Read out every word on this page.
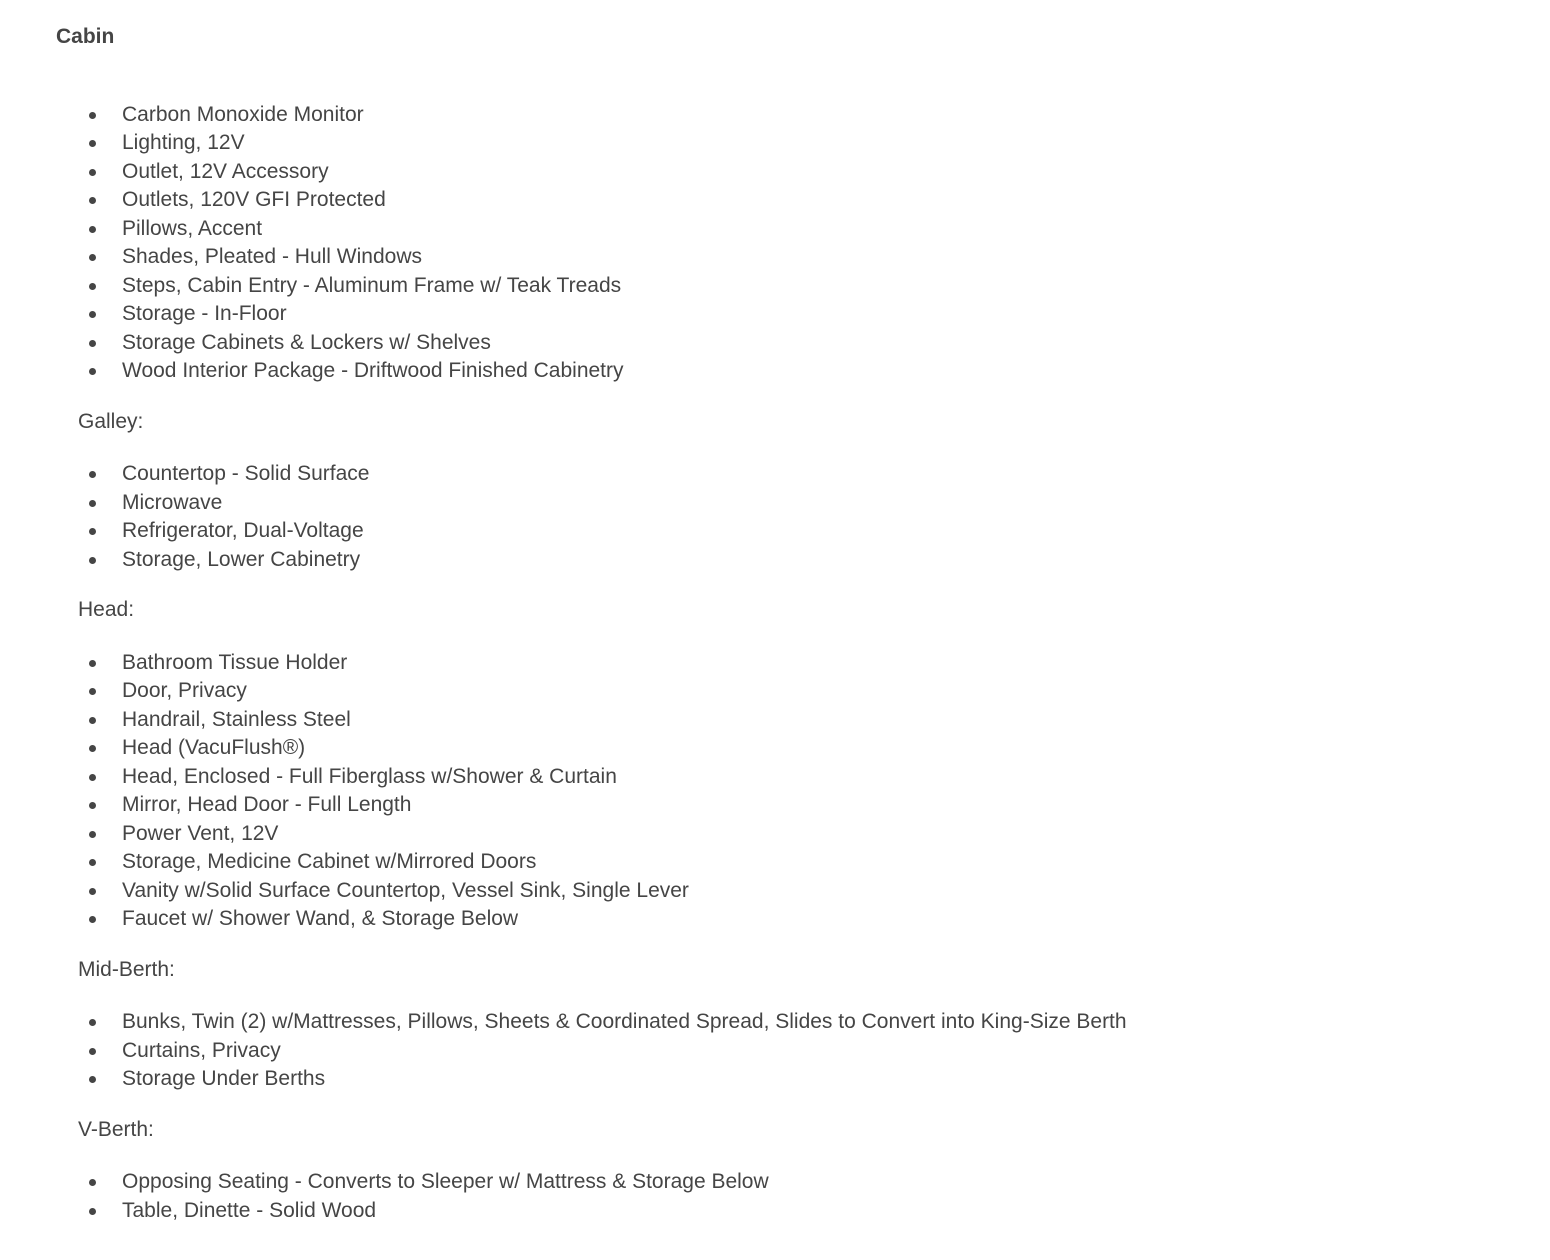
Cabin

Carbon Monoxide Monitor
Lighting, 12V
Outlet, 12V Accessory
Outlets, 120V GFI Protected
Pillows, Accent
Shades, Pleated - Hull Windows
Steps, Cabin Entry - Aluminum Frame w/ Teak Treads
Storage - In-Floor
Storage Cabinets & Lockers w/ Shelves
Wood Interior Package - Driftwood Finished Cabinetry

Galley:

Countertop - Solid Surface
Microwave
Refrigerator, Dual-Voltage
Storage, Lower Cabinetry

Head:

Bathroom Tissue Holder
Door, Privacy
Handrail, Stainless Steel
Head (VacuFlush®)
Head, Enclosed - Full Fiberglass w/Shower & Curtain
Mirror, Head Door - Full Length
Power Vent, 12V
Storage, Medicine Cabinet w/Mirrored Doors
Vanity w/Solid Surface Countertop, Vessel Sink, Single Lever
Faucet w/ Shower Wand, & Storage Below

Mid-Berth:

Bunks, Twin (2) w/Mattresses, Pillows, Sheets & Coordinated Spread, Slides to Convert into King-Size Berth
Curtains, Privacy
Storage Under Berths

V-Berth:

Opposing Seating - Converts to Sleeper w/ Mattress & Storage Below
Table, Dinette - Solid Wood
